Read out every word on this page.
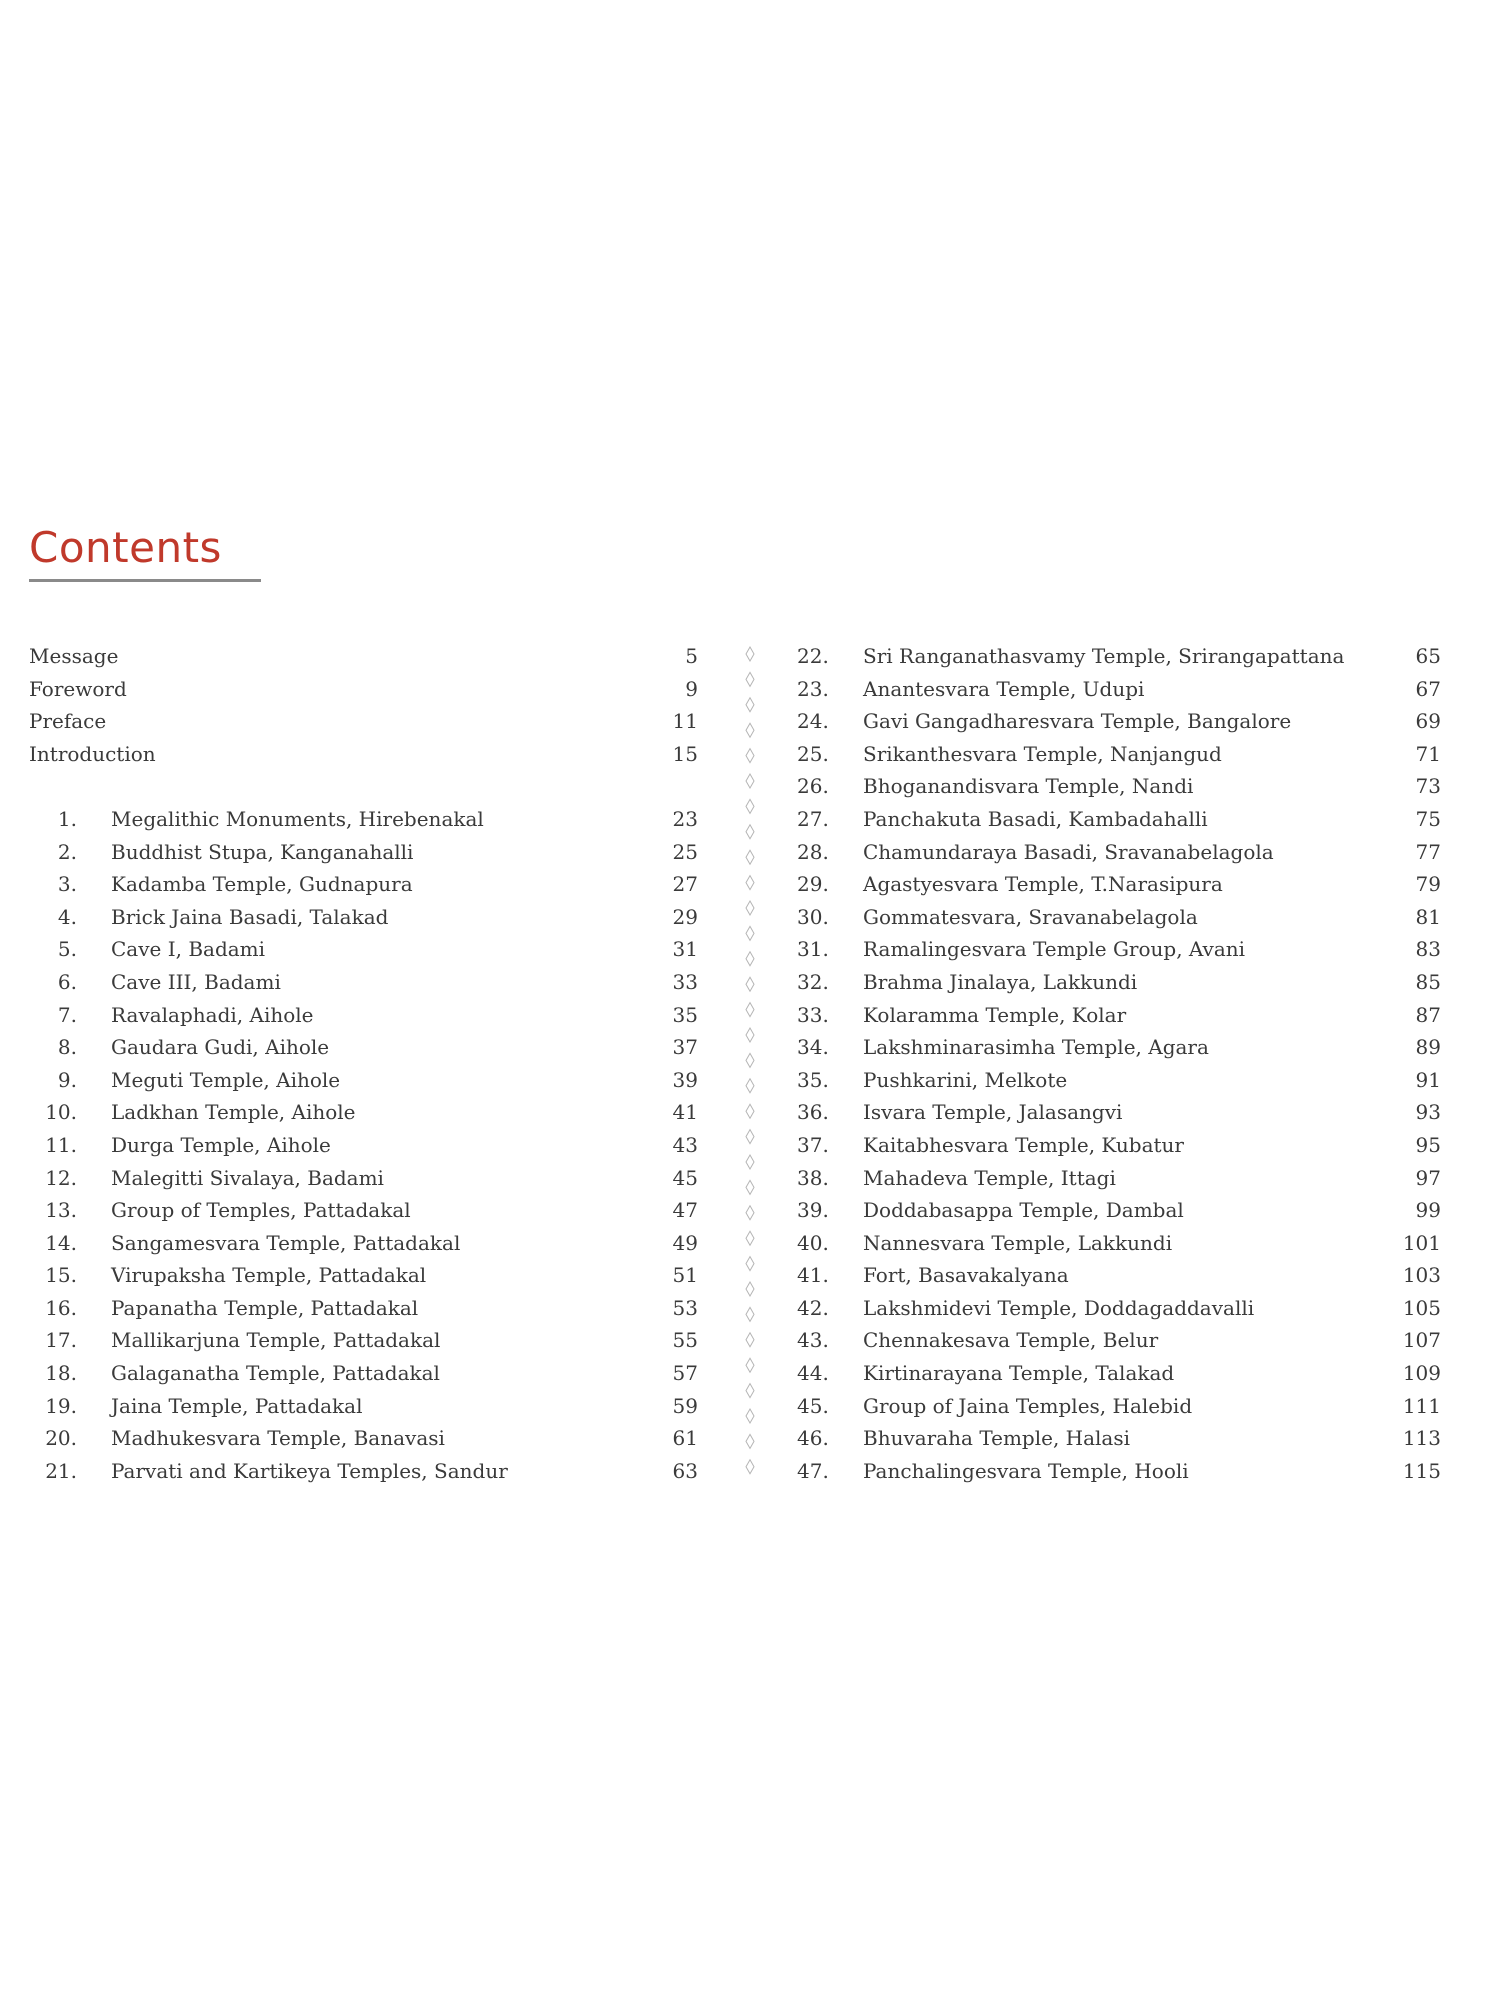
Contents
Message	5
Foreword	9
Preface	11
Introduction	15
1. Megalithic Monuments, Hirebenakal	23
2. Buddhist Stupa, Kanganahalli	25
3. Kadamba Temple, Gudnapura	27
4. Brick Jaina Basadi, Talakad	29
5. Cave I, Badami	31
6. Cave III, Badami	33
7. Ravalaphadi, Aihole	35
8. Gaudara Gudi, Aihole	37
9. Meguti Temple, Aihole	39
10. Ladkhan Temple, Aihole	41
11. Durga Temple, Aihole	43
12. Malegitti Sivalaya, Badami	45
13. Group of Temples, Pattadakal	47
14. Sangamesvara Temple, Pattadakal	49
15. Virupaksha Temple, Pattadakal	51
16. Papanatha Temple, Pattadakal	53
17. Mallikarjuna Temple, Pattadakal	55
18. Galaganatha Temple, Pattadakal	57
19. Jaina Temple, Pattadakal	59
20. Madhukesvara Temple, Banavasi	61
21. Parvati and Kartikeya Temples, Sandur	63
22. Sri Ranganathasvamy Temple, Srirangapattana	65
23. Anantesvara Temple, Udupi	67
24. Gavi Gangadharesvara Temple, Bangalore	69
25. Srikanthesvara Temple, Nanjangud	71
26. Bhoganandisvara Temple, Nandi	73
27. Panchakuta Basadi, Kambadahalli	75
28. Chamundaraya Basadi, Sravanabelagola	77
29. Agastyesvara Temple, T.Narasipura	79
30. Gommatesvara, Sravanabelagola	81
31. Ramalingesvara Temple Group, Avani	83
32. Brahma Jinalaya, Lakkundi	85
33. Kolaramma Temple, Kolar	87
34. Lakshminarasimha Temple, Agara	89
35. Pushkarini, Melkote	91
36. Isvara Temple, Jalasangvi	93
37. Kaitabhesvara Temple, Kubatur	95
38. Mahadeva Temple, Ittagi	97
39. Doddabasappa Temple, Dambal	99
40. Nannesvara Temple, Lakkundi	101
41. Fort, Basavakalyana	103
42. Lakshmidevi Temple, Doddagaddavalli	105
43. Chennakesava Temple, Belur	107
44. Kirtinarayana Temple, Talakad	109
45. Group of Jaina Temples, Halebid	111
46. Bhuvaraha Temple, Halasi	113
47. Panchalingesvara Temple, Hooli	115
